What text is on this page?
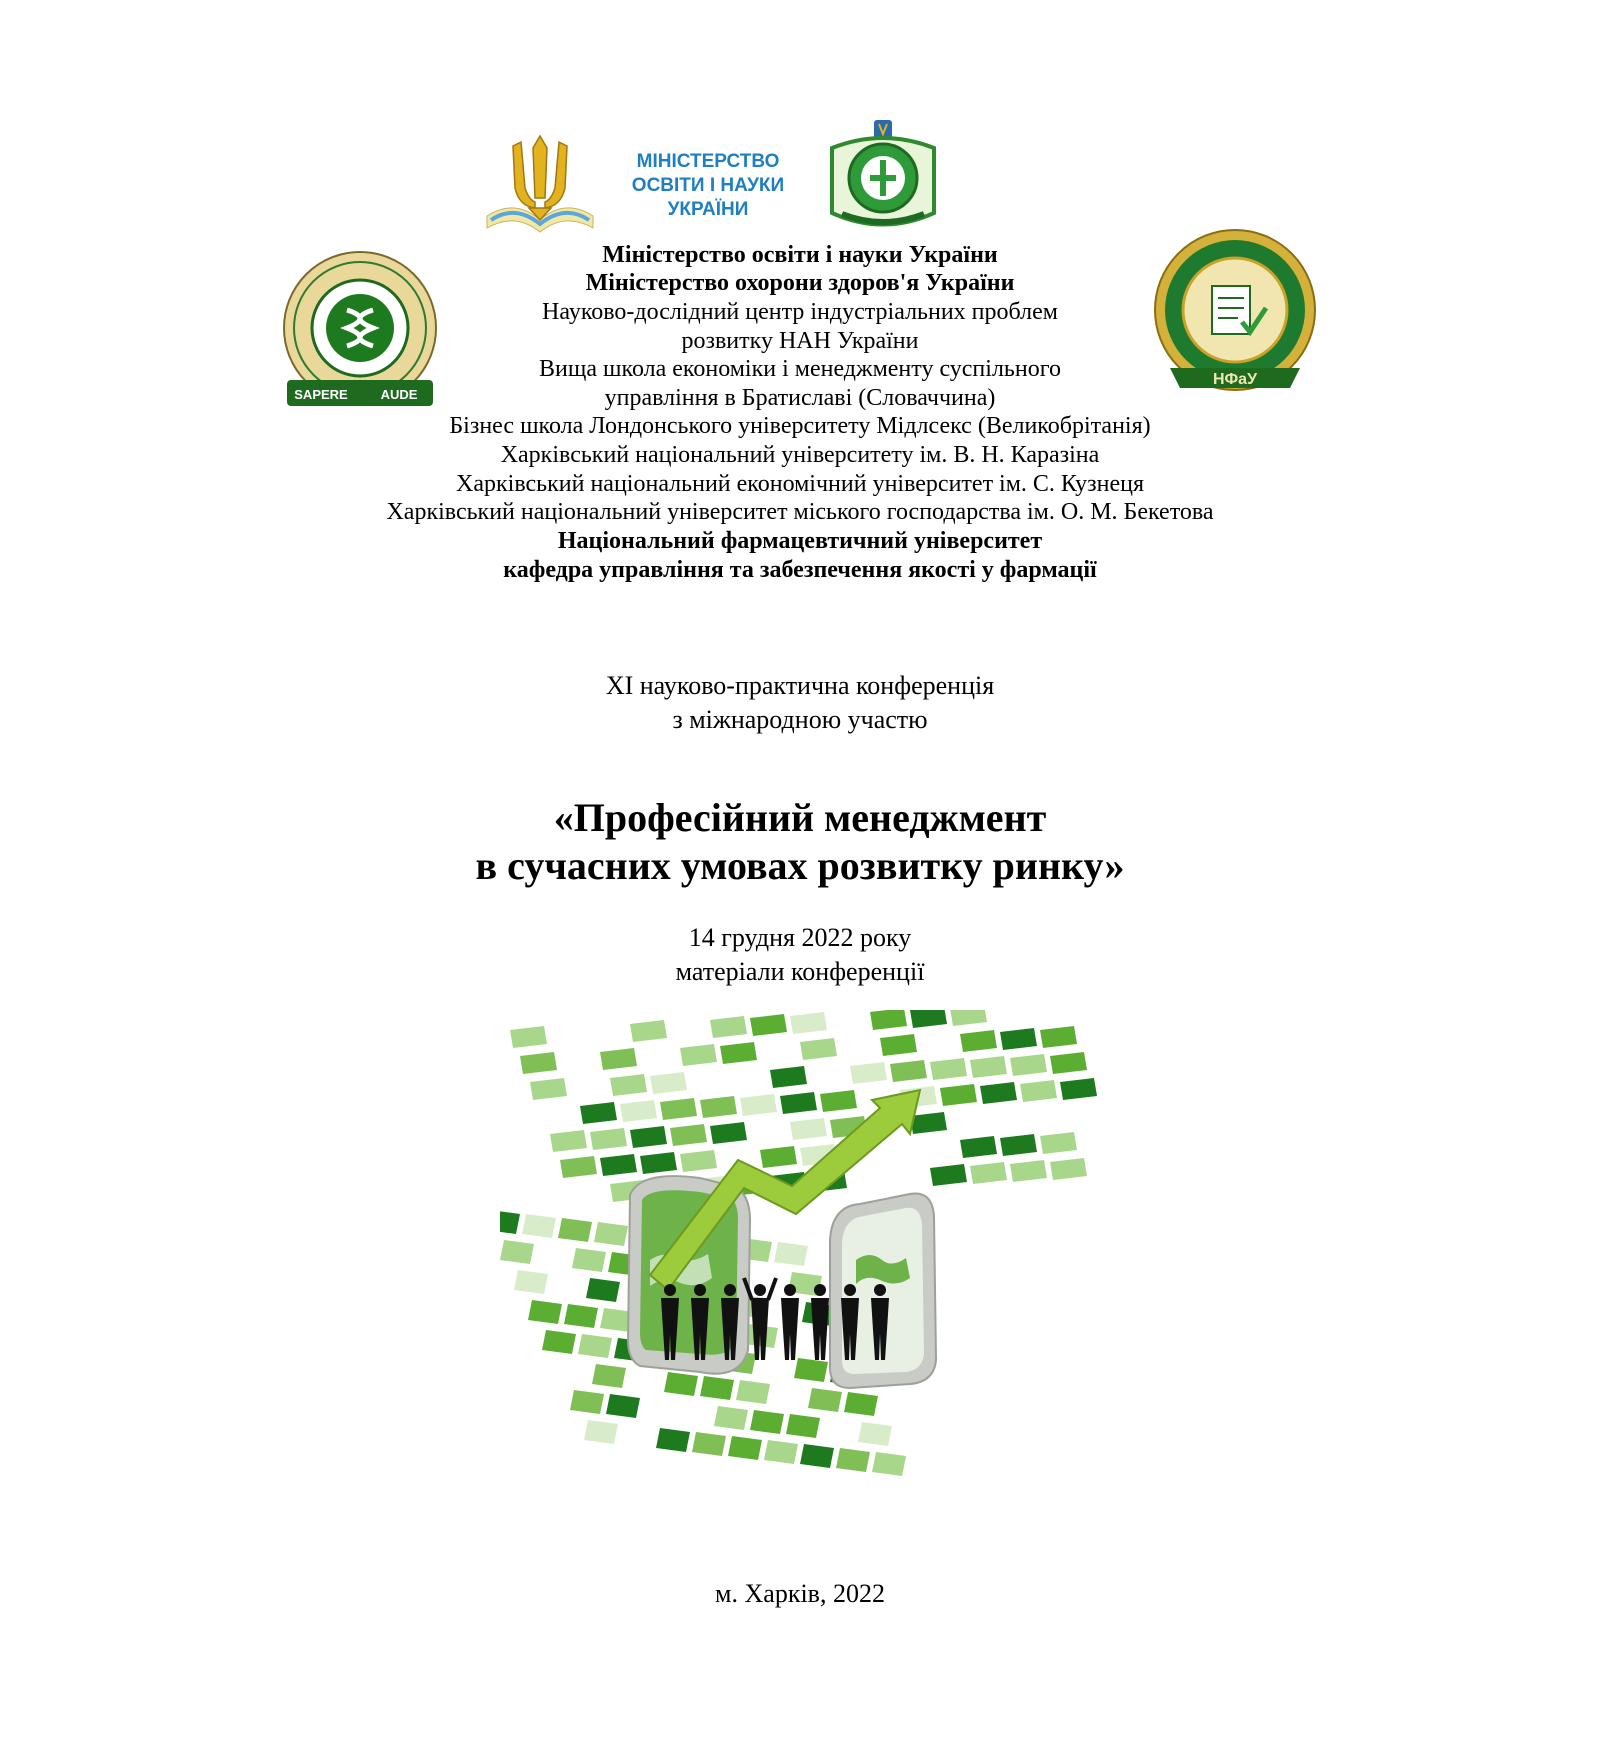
МІНІСТЕРСТВО
ОСВІТИ І НАУКИ
УКРАЇНИ
SAPERE	AUDE
-1805-	НФаУ
1805
Міністерство освіти і науки України
Міністерство охорони здоров'я України
Науково-дослідний центр індустріальних проблем
розвитку НАН України
Вища школа економіки і менеджменту суспільного
управління в Братиславі (Словаччина)
Бізнес школа Лондонського університету Мідлсекс (Великобрітанія)
Харківський національний університету ім. В. Н. Каразіна
Харківський національний економічний університет ім. С. Кузнеця
Харківський національний університет міського господарства ім. О. М. Бекетова
Національний фармацевтичний університет
кафедра управління та забезпечення якості у фармації
XI науково-практична конференція
з міжнародною участю
«Професійний менеджмент
в сучасних умовах розвитку ринку»
14 грудня 2022 року
матеріали конференції
м. Харків, 2022
